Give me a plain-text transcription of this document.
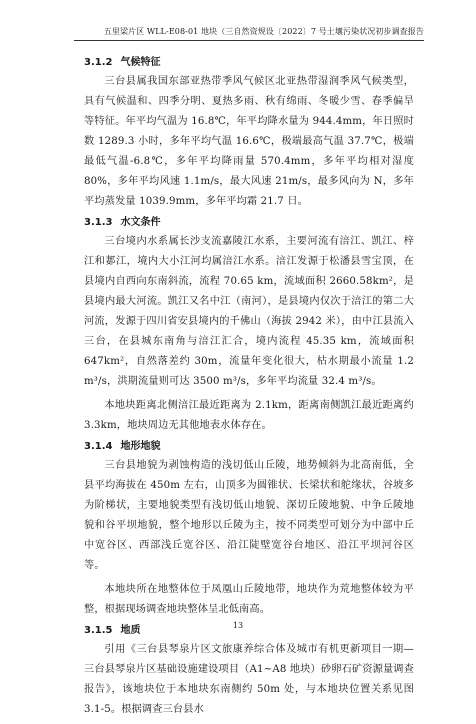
五里梁片区 WLL-E08-01 地块（三自然资规设〔2022〕7 号土壤污染状况初步调查报告
3.1.2 气候特征

三台县属我国东部亚热带季风气候区北亚热带湿润季风气候类型，具有气候温和、四季分明、夏热多雨、秋有绵雨、冬暖少雪、春季偏旱等特征。年平均气温为 16.8℃，年平均降水量为 944.4mm，年日照时数 1289.3 小时，多年平均气温 16.6℃，极端最高气温 37.7℃，极端最低气温-6.8℃，多年平均降雨量 570.4mm，多年平均相对湿度 80%，多年平均风速 1.1m/s，最大风速 21m/s，最多风向为 N，多年平均蒸发量 1039.9mm，多年平均霜 21.7 日。

3.1.3 水文条件

三台境内水系属长沙支流嘉陵江水系，主要河流有涪江、凯江、梓江和郪江，境内大小江河均属涪江水系。涪江发源于松潘县雪宝顶，在县境内自西向东南斜流，流程 70.65 km，流域面积 2660.58km²，是县境内最大河流。凯江又名中江（南河），是县境内仅次于涪江的第二大河流，发源于四川省安县境内的千佛山（海拔 2942 米），由中江县流入三台，在县城东南角与涪江汇合，境内流程 45.35 km，流域面积 647km²，自然落差约 30m，流量年变化很大，枯水期最小流量 1.2 m³/s，洪期流量则可达 3500 m³/s，多年平均流量 32.4 m³/s。

本地块距离北侧涪江最近距离为 2.1km，距离南侧凯江最近距离约 3.3km，地块周边无其他地表水体存在。

3.1.4 地形地貌

三台县地貌为剥蚀构造的浅切低山丘陵，地势倾斜为北高南低，全县平均海拔在 450m 左右，山顶多为圆锥状、长梁状和舵缘状，谷坡多为阶梯状，主要地貌类型有浅切低山地貌、深切丘陵地貌、中争丘陵地貌和谷平坝地貌，整个地形以丘陵为主，按不同类型可划分为中部中丘中宽谷区、西部浅丘宽谷区、沿江陡壁宽谷台地区、沿江平坝河谷区等。

本地块所在地整体位于凤凰山丘陵地带，地块作为荒地整体较为平整，根据现场调查地块整体呈北低南高。

3.1.5 地质

引用《三台县琴泉片区文旅康养综合体及城市有机更新项目一期—三台县琴泉片区基础设施建设项目（A1~A8 地块）砂卵石矿资源量调查报告》，该地块位于本地块东南侧约 50m 处，与本地块位置关系见图 3.1-5。根据调查三台县水

13
